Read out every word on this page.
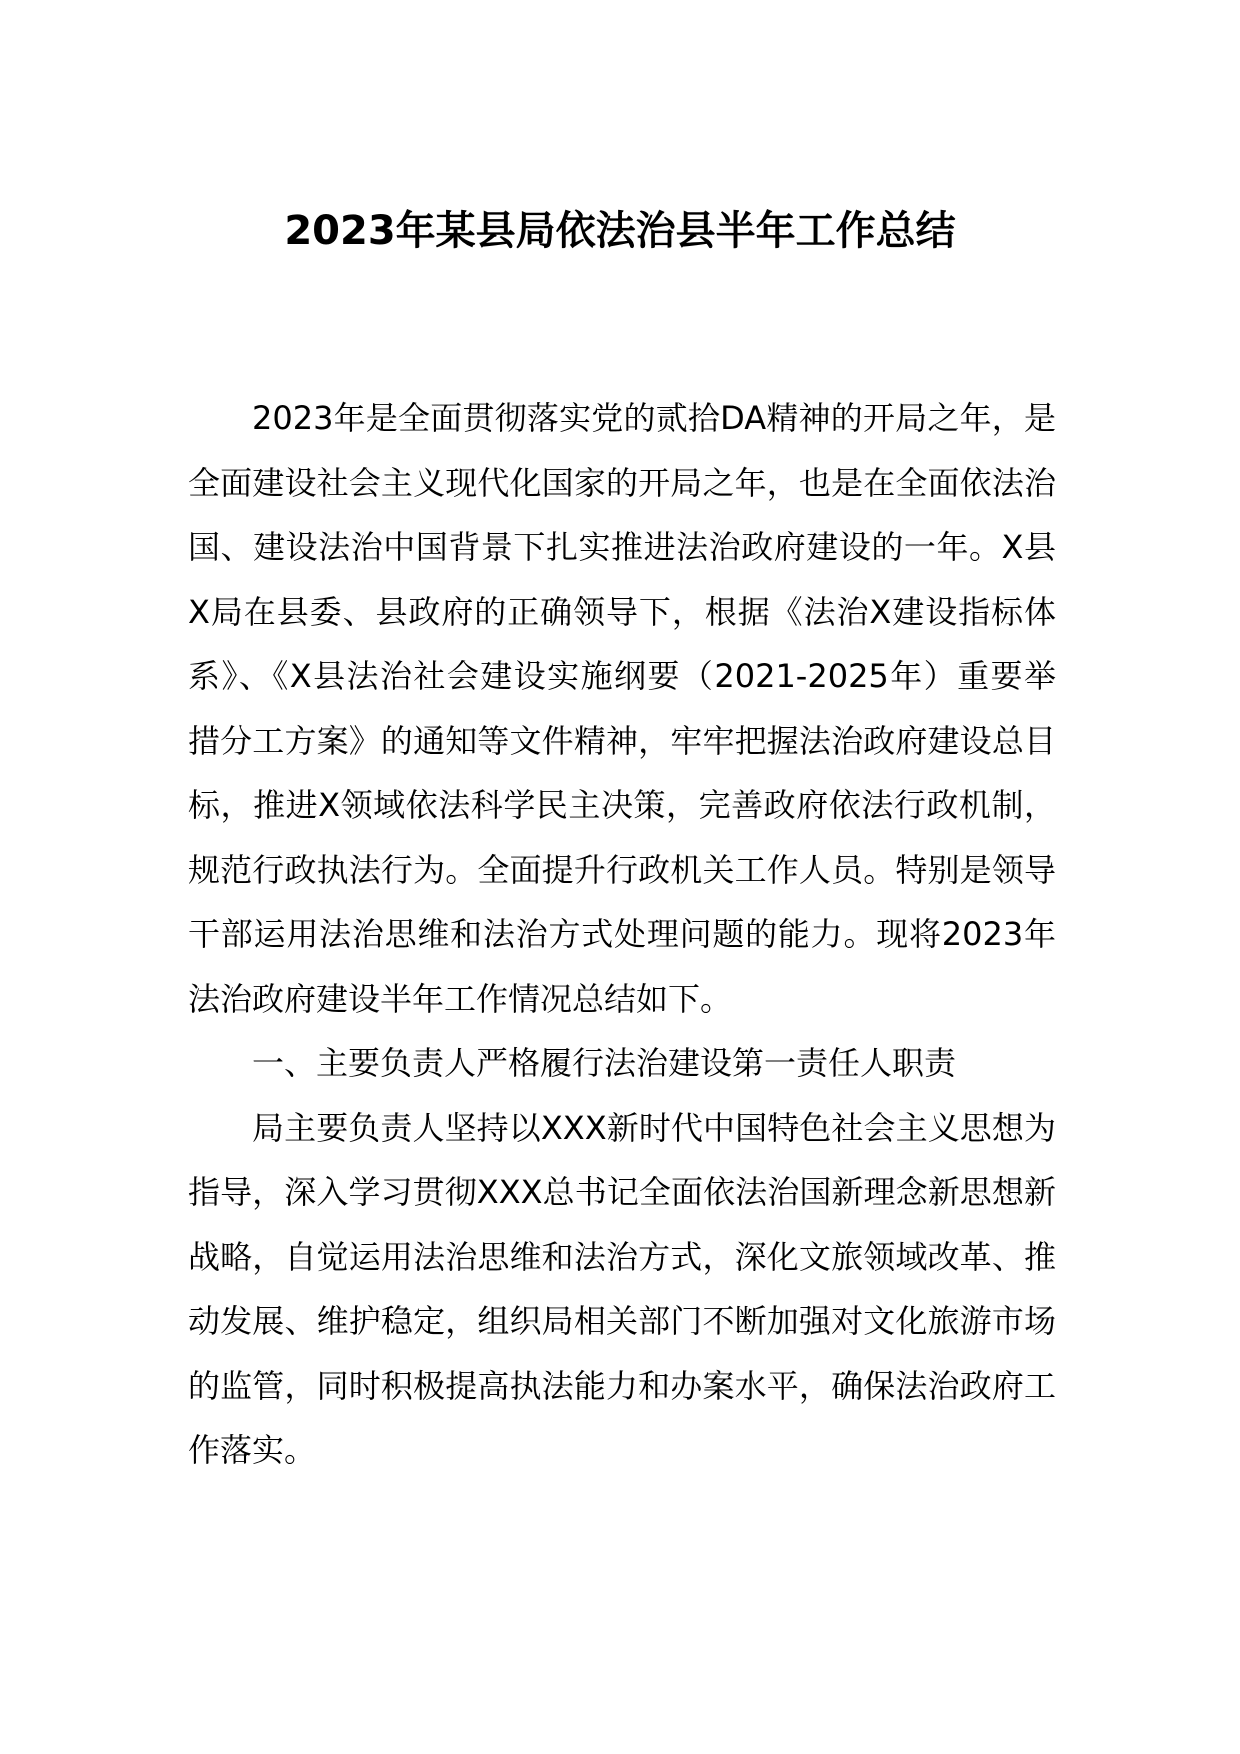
2023年某县局依法治县半年工作总结

2023年是全面贯彻落实党的贰拾DA精神的开局之年，是全面建设社会主义现代化国家的开局之年，也是在全面依法治国、建设法治中国背景下扎实推进法治政府建设的一年。X县X局在县委、县政府的正确领导下，根据《法治X建设指标体系》、《X县法治社会建设实施纲要（2021-2025年）重要举措分工方案》的通知等文件精神，牢牢把握法治政府建设总目标，推进X领域依法科学民主决策，完善政府依法行政机制，规范行政执法行为。全面提升行政机关工作人员。特别是领导干部运用法治思维和法治方式处理问题的能力。现将2023年法治政府建设半年工作情况总结如下。

一、主要负责人严格履行法治建设第一责任人职责

局主要负责人坚持以XXX新时代中国特色社会主义思想为指导，深入学习贯彻XXX总书记全面依法治国新理念新思想新战略，自觉运用法治思维和法治方式，深化文旅领域改革、推动发展、维护稳定，组织局相关部门不断加强对文化旅游市场的监管，同时积极提高执法能力和办案水平，确保法治政府工作落实。
